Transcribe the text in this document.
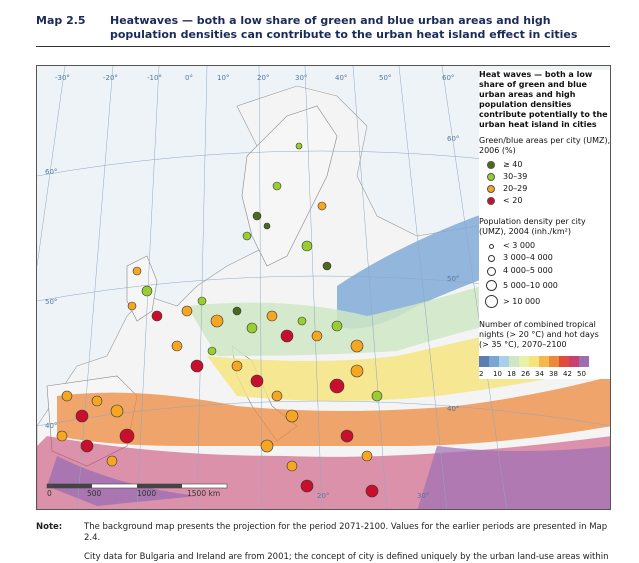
Map 2.5 Heatwaves — both a low share of green and blue urban areas and high population densities can contribute to the urban heat island effect in cities
-30°	-20°	-10°	0°	10°	20°	30°	40°	50°	60°
60°
50°
40°
60°
50°
40°
20°	30°
0	500	1000	1500 km
Heat waves — both a low share of green and blue urban areas and high population densities contribute potentially to the urban heat island in cities
Green/blue areas per city (UMZ), 2006 (%)
≥ 40
30–39
20–29
< 20
Population density per city (UMZ), 2004 (inh./km²)
< 3 000
3 000–4 000
4 000–5 000
5 000–10 000
> 10 000
Number of combined tropical nights (> 20 °C) and hot days (> 35 °C), 2070–2100
2	10 18 26 34 38 42 50
Note:	The background map presents the projection for the period 2071-2100. Values for the earlier periods are presented in Map 2.4.
City data for Bulgaria and Ireland are from 2001; the concept of city is defined uniquely by the urban land-use areas within
